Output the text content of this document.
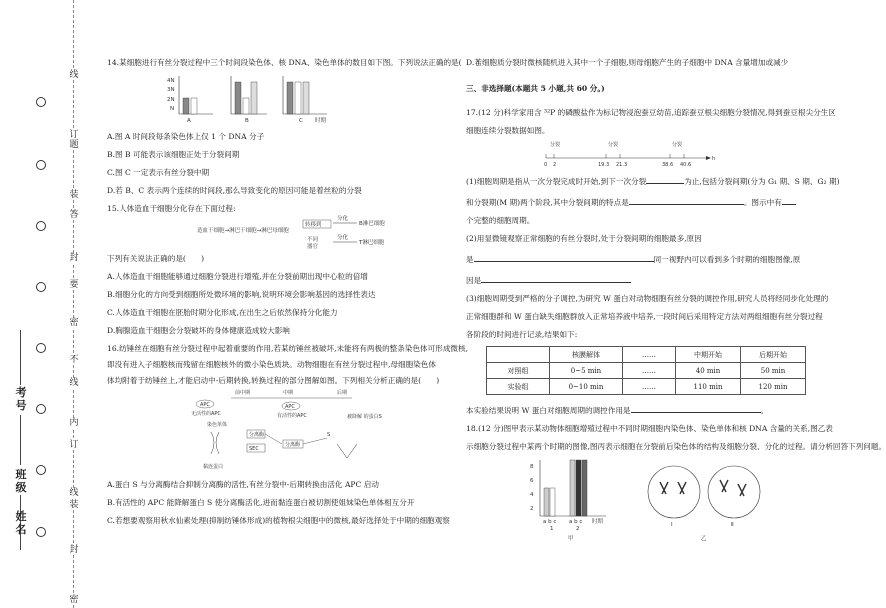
线
订
题
装
答
封
要
密
不
线
内
订
装
线
封
密
考号
班级
姓名

14.某细胞进行有丝分裂过程中三个时间段染色体、核 DNA、染色单体的数目如下图。下列说法正确的是(　　)

4N
3N
2N
N
A	B	C 时期

A.图 A 时间段每条染色体上仅 1 个 DNA 分子

B.图 B 可能表示该细胞正处于分裂间期

C.图 C 一定表示有丝分裂中期

D.若 B、C 表示两个连续的时间段,那么导致变化的原因可能是着丝粒的分裂

15.人体造血干细胞分化存在下面过程:

造血干细胞→淋巴干细胞→淋巴母细胞
转移到
不同
器官
分化
B淋巴细胞
分化
T淋巴细胞

下列有关说法正确的是(　　)

A.人体造血干细胞能够通过细胞分裂进行增殖,并在分裂前期出现中心粒的倍增

B.细胞分化的方向受到细胞所处微环境的影响,说明环境会影响基因的选择性表达

C.人体造血干细胞在胚胎时期分化形成,在出生之后依然保持分化能力

D.胸腺造血干细胞会分裂破坏的身体健康造成较大影响

16.纺锤丝在细胞有丝分裂过程中起着重要的作用,若某纺锤丝被破坏,未能将有两极的整条染色体可形成微核,

即没有进入子细胞核而残留在细胞核外的微小染色质块。动物细胞在有丝分裂过程中,母细胞染色体

体均附着于纺锤丝上,才能启动中-后期转换,转换过程的部分图解如图。下列相关分析正确的是(　　)

前中期	中期	后期
APC
无活性的APC
APC
有活性的APC
染色单体
分离酶
SEC
分离酶
S
被降解 的蛋白S
黏连蛋白

A.蛋白 S 与分离酶结合抑制分离酶的活性,有丝分裂中-后期转换由活化 APC 启动

B.有活性的 APC 能降解蛋白 S 使分离酶活化,进而黏连蛋白被切割使姐妹染色单体相互分开

C.若想要观察用秋水仙素处理(抑制纺锤体形成)的植物根尖细胞中的微核,最好选择处于中期的细胞观察

D.若细胞质分裂时微核随机进入其中一个子细胞,则母细胞产生的子细胞中 DNA 含量增加或减少

三、非选择题(本题共 5 小题,共 60 分。)

17.(12 分)科学家用含 ³²P 的磷酸盐作为标记物浸泡蚕豆幼苗,追踪蚕豆根尖细胞分裂情况,得到蚕豆根尖分生区

细胞连续分裂数据如图。

分裂	分裂	分裂
0 2	19.3 21.3	38.6 40.6
h

(1)细胞周期是指从一次分裂完成时开始,到下一次分裂	为止,包括分裂间期(分为 G₁ 期、S 期、G₂ 期)

和分裂期(M 期)两个阶段,其中分裂间期的特点是	。图示中有

个完整的细胞周期。

(2)用显微镜观察正常细胞的有丝分裂时,处于分裂间期的细胞最多,原因

是	同一视野内可以看到多个时期的细胞图像,原

因是

(3)细胞周期受到严格的分子调控,为研究 W 蛋白对动物细胞有丝分裂的调控作用,研究人员将经同步化处理的

正常细胞群和 W 蛋白缺失细胞群放入正常培养液中培养,一段时间后采用特定方法对两组细胞有丝分裂过程

各阶段的时间进行记录,结果如下:

	核膜解体	……	中期开始	后期开始
对照组	0~5 min	……	40 min	50 min
实验组	0~10 min	……	110 min	120 min

本实验结果说明 W 蛋白对细胞周期的调控作用是	。

18.(12 分)图甲表示某动物体细胞增殖过程中不同时期细胞内染色体、染色单体和核 DNA 含量的关系,图乙表

示细胞分裂过程中某两个时期的图像,图丙表示细胞在分裂前后染色体的结构及细胞分裂、分化的过程。请分析回答下列问题。

8
6
4
2
a b c a b c
1	2
时期
甲
Ⅰ	Ⅱ
乙
